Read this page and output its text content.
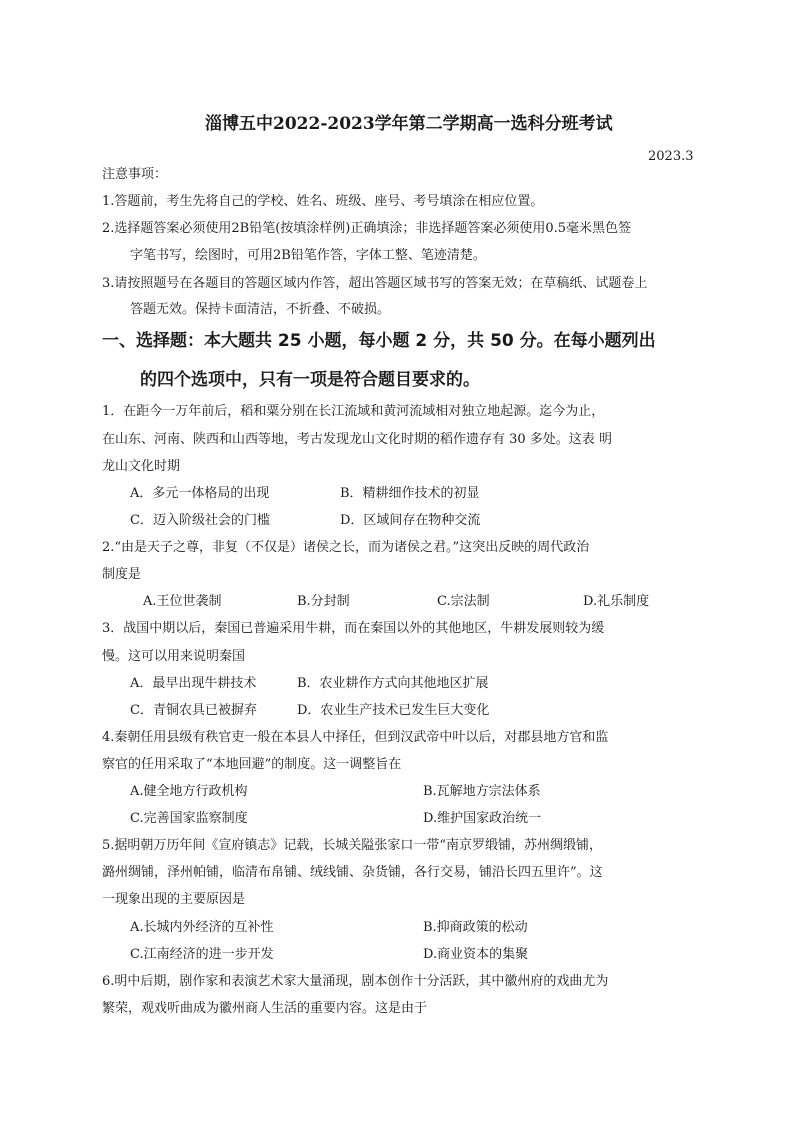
淄博五中2022-2023学年第二学期高一选科分班考试
2023.3
注意事项：
1.答题前，考生先将自己的学校、姓名、班级、座号、考号填涂在相应位置。
2.选择题答案必须使用2B铅笔(按填涂样例)正确填涂；非选择题答案必须使用0.5毫米黑色签
字笔书写，绘图时，可用2B铅笔作答，字体工整、笔迹清楚。
3.请按照题号在各题目的答题区域内作答，超出答题区域书写的答案无效；在草稿纸、试题卷上
答题无效。保持卡面清洁，不折叠、不破损。
一、选择题：本大题共 25 小题，每小题 2 分，共 50 分。在每小题列出
的四个选项中，只有一项是符合题目要求的。
1．在距今一万年前后，稻和粟分别在长江流域和黄河流域相对独立地起源。迄今为止，
在山东、河南、陕西和山西等地，考古发现龙山文化时期的稻作遗存有 30 多处。这表 明
龙山文化时期
A．多元一体格局的出现	B．精耕细作技术的初显
C．迈入阶级社会的门槛	D．区域间存在物种交流
2.“由是天子之尊，非复（不仅是）诸侯之长，而为诸侯之君。”这突出反映的周代政治
制度是
A.王位世袭制	B.分封制	C.宗法制	D.礼乐制度
3．战国中期以后，秦国已普遍采用牛耕，而在秦国以外的其他地区，牛耕发展则较为缓
慢。这可以用来说明秦国
A．最早出现牛耕技术	B．农业耕作方式向其他地区扩展
C．青铜农具已被摒弃	D．农业生产技术已发生巨大变化
4.秦朝任用县级有秩官吏一般在本县人中择任，但到汉武帝中叶以后，对郡县地方官和监
察官的任用采取了“本地回避”的制度。这一调整旨在
A.健全地方行政机构	B.瓦解地方宗法体系
C.完善国家监察制度	D.维护国家政治统一
5.据明朝万历年间《宣府镇志》记载，长城关隘张家口一带“南京罗缎铺，苏州绸缎铺，
潞州绸铺，泽州帕铺，临清布帛铺、绒线铺、杂货铺，各行交易，铺沿长四五里许”。这
一现象出现的主要原因是
A.长城内外经济的互补性	B.抑商政策的松动
C.江南经济的进一步开发	D.商业资本的集聚
6.明中后期，剧作家和表演艺术家大量涌现，剧本创作十分活跃，其中徽州府的戏曲尤为
繁荣，观戏听曲成为徽州商人生活的重要内容。这是由于
